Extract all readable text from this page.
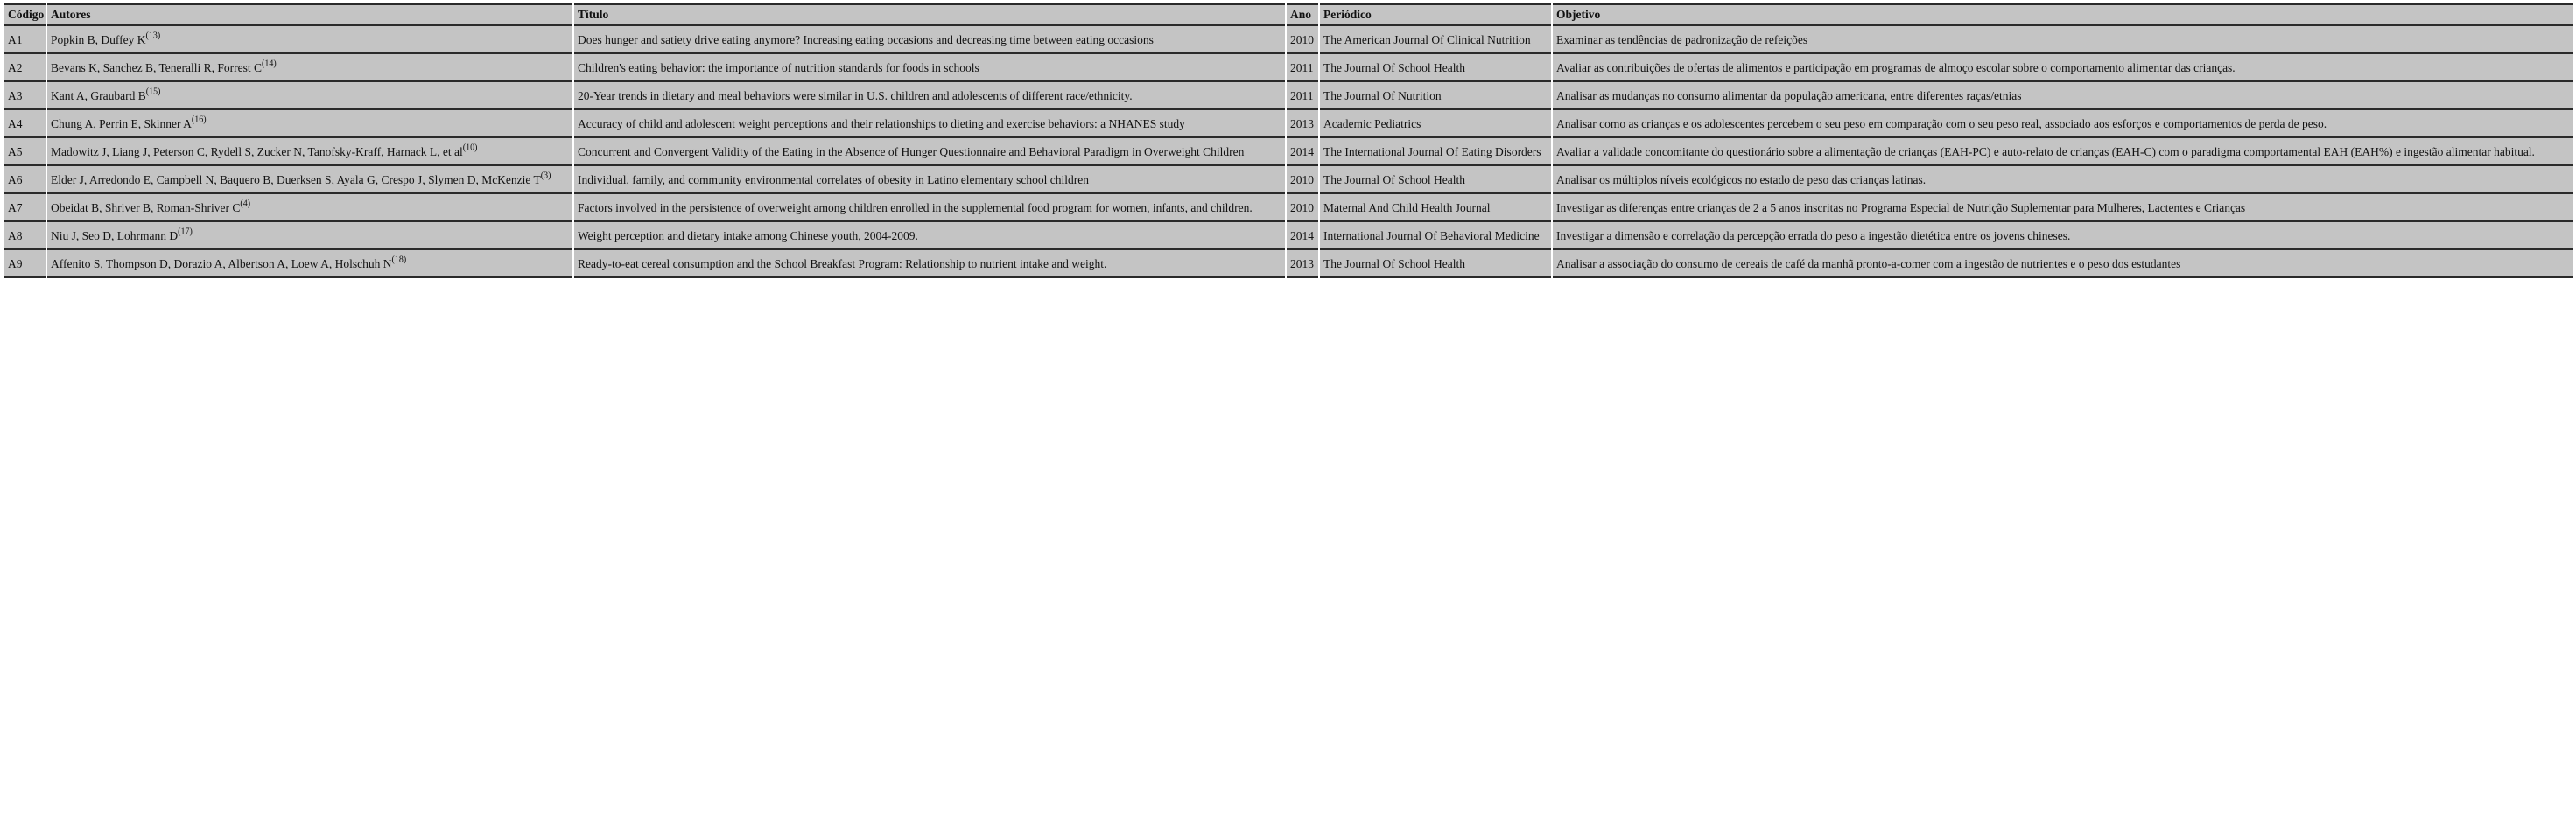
Código	Autores	Título	Ano	Periódico	Objetivo
A1	Popkin B, Duffey $K^{(13)}$	Does hunger and satiety drive eating anymore? Increasing eating occasions and decreasing time between eating occasions	2010	The American Journal Of Clinical Nutrition	Examinar as tendências de padronização de refeições
A2	Bevans K, Sanchez B, Teneralli R, Forrest $C^{(14)}$	Children's eating behavior: the importance of nutrition standards for foods in schools	2011	The Journal Of School Health	Avaliar as contribuições de ofertas de alimentos e participação em programas de almoço escolar sobre o comportamento alimentar das crianças.
A3	Kant A, Graubard $B^{(15)}$	20-Year trends in dietary and meal behaviors were similar in U.S. children and adolescents of different race/ethnicity.	2011	The Journal Of Nutrition	Analisar as mudanças no consumo alimentar da população americana, entre diferentes raças/etnias
A4	Chung A, Perrin E, Skinner $A^{(16)}$	Accuracy of child and adolescent weight perceptions and their relationships to dieting and exercise behaviors: a NHANES study	2013	Academic Pediatrics	Analisar como as crianças e os adolescentes percebem o seu peso em comparação com o seu peso real, associado aos esforços e comportamentos de perda de peso.
A5	Madowitz J, Liang J, Peterson C, Rydell S, Zucker N, Tanofsky-Kraff, Harnack L, et $al^{(10)}$	Concurrent and Convergent Validity of the Eating in the Absence of Hunger Questionnaire and Behavioral Paradigm in Overweight Children	2014	The International Journal Of Eating Disorders	Avaliar a validade concomitante do questionário sobre a alimentação de crianças (EAH-PC) e auto-relato de crianças (EAH-C) com o paradigma comportamental EAH (EAH%) e ingestão alimentar habitual.
A6	Elder J, Arredondo E, Campbell N, Baquero B, Duerksen S, Ayala G, Crespo J, Slymen D, McKenzie $T^{(3)}$	Individual, family, and community environmental correlates of obesity in Latino elementary school children	2010	The Journal Of School Health	Analisar os múltiplos níveis ecológicos no estado de peso das crianças latinas.
A7	Obeidat B, Shriver B, Roman-Shriver $C^{(4)}$	Factors involved in the persistence of overweight among children enrolled in the supplemental food program for women, infants, and children.	2010	Maternal And Child Health Journal	Investigar as diferenças entre crianças de 2 a 5 anos inscritas no Programa Especial de Nutrição Suplementar para Mulheres, Lactentes e Crianças
A8	Niu J, Seo D, Lohrmann $D^{(17)}$	Weight perception and dietary intake among Chinese youth, 2004-2009.	2014	International Journal Of Behavioral Medicine	Investigar a dimensão e correlação da percepção errada do peso a ingestão dietética entre os jovens chineses.
A9	Affenito S, Thompson D, Dorazio A, Albertson A, Loew A, Holschuh $N^{(18)}$	Ready-to-eat cereal consumption and the School Breakfast Program: Relationship to nutrient intake and weight.	2013	The Journal Of School Health	Analisar a associação do consumo de cereais de café da manhã pronto-a-comer com a ingestão de nutrientes e o peso dos estudantes
